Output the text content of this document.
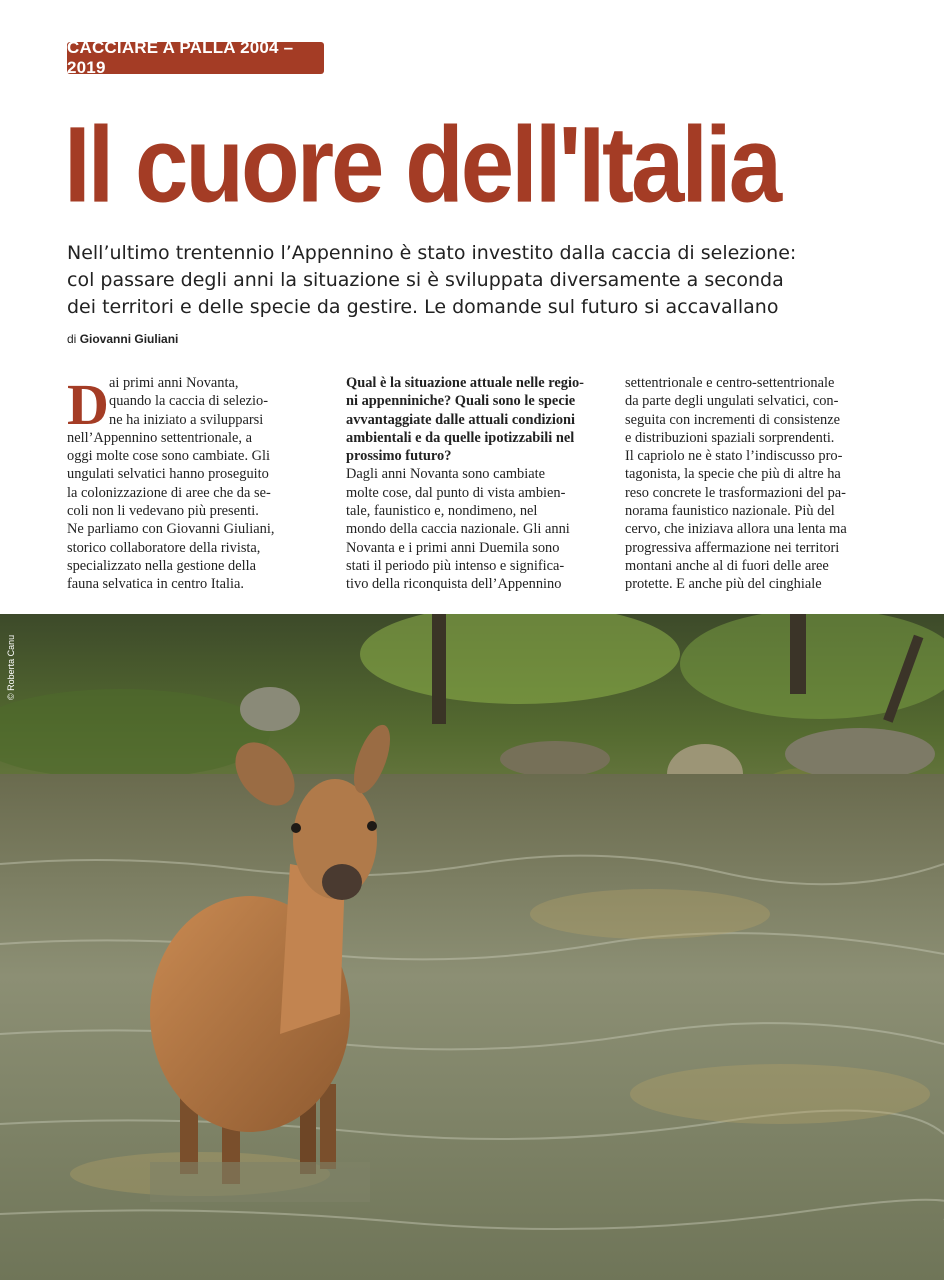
CACCIARE A PALLA 2004 – 2019
Il cuore dell'Italia
Nell’ultimo trentennio l’Appennino è stato investito dalla caccia di selezione:
col passare degli anni la situazione si è sviluppata diversamente a seconda
dei territori e delle specie da gestire. Le domande sul futuro si accavallano
di Giovanni Giuliani
D ai primi anni Novanta,
quando la caccia di selezio-
ne ha iniziato a svilupparsi
nell’Appennino settentrionale, a
oggi molte cose sono cambiate. Gli
ungulati selvatici hanno proseguito
la colonizzazione di aree che da se-
coli non li vedevano più presenti.
Ne parliamo con Giovanni Giuliani,
storico collaboratore della rivista,
specializzato nella gestione della
fauna selvatica in centro Italia.
Qual è la situazione attuale nelle regio-
ni appenniniche? Quali sono le specie
avvantaggiate dalle attuali condizioni
ambientali e da quelle ipotizzabili nel
prossimo futuro?
Dagli anni Novanta sono cambiate
molte cose, dal punto di vista ambien-
tale, faunistico e, nondimeno, nel
mondo della caccia nazionale. Gli anni
Novanta e i primi anni Duemila sono
stati il periodo più intenso e significa-
tivo della riconquista dell’Appennino
settentrionale e centro-settentrionale
da parte degli ungulati selvatici, con-
seguita con incrementi di consistenze
e distribuzioni spaziali sorprendenti.
Il capriolo ne è stato l’indiscusso pro-
tagonista, la specie che più di altre ha
reso concrete le trasformazioni del pa-
norama faunistico nazionale. Più del
cervo, che iniziava allora una lenta ma
progressiva affermazione nei territori
montani anche al di fuori delle aree
protette. E anche più del cinghiale
© Roberta Canu
